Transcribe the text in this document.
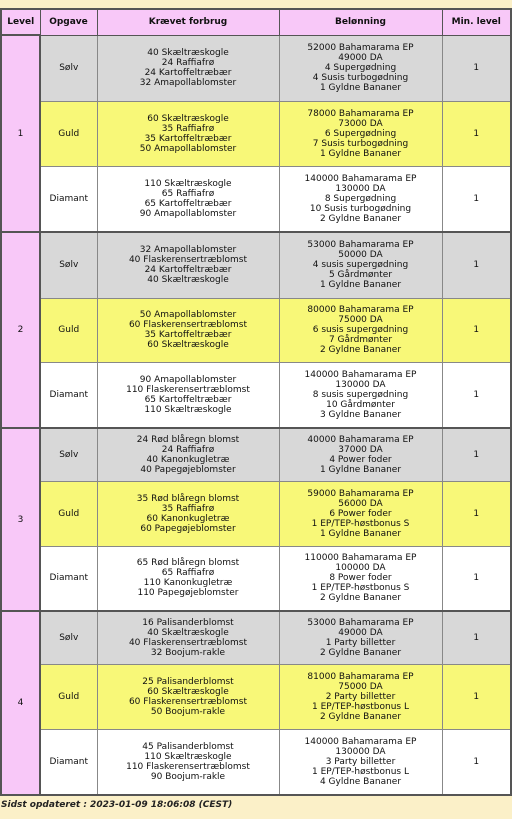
Level	Opgave	Krævet forbrug	Belønning	Min. level
1	Sølv	40 Skæltræskogle
24 Raffiafrø
24 Kartoffeltræbær
32 Amapollablomster	52000 Bahamarama EP
49000 DA
4 Supergødning
4 Susis turbogødning
1 Gyldne Bananer	1
	Guld	60 Skæltræskogle
35 Raffiafrø
35 Kartoffeltræbær
50 Amapollablomster	78000 Bahamarama EP
73000 DA
6 Supergødning
7 Susis turbogødning
1 Gyldne Bananer	1
	Diamant	110 Skæltræskogle
65 Raffiafrø
65 Kartoffeltræbær
90 Amapollablomster	140000 Bahamarama EP
130000 DA
8 Supergødning
10 Susis turbogødning
2 Gyldne Bananer	1
2	Sølv	32 Amapollablomster
40 Flaskerensertræblomst
24 Kartoffeltræbær
40 Skæltræskogle	53000 Bahamarama EP
50000 DA
4 susis supergødning
5 Gårdmønter
1 Gyldne Bananer	1
	Guld	50 Amapollablomster
60 Flaskerensertræblomst
35 Kartoffeltræbær
60 Skæltræskogle	80000 Bahamarama EP
75000 DA
6 susis supergødning
7 Gårdmønter
2 Gyldne Bananer	1
	Diamant	90 Amapollablomster
110 Flaskerensertræblomst
65 Kartoffeltræbær
110 Skæltræskogle	140000 Bahamarama EP
130000 DA
8 susis supergødning
10 Gårdmønter
3 Gyldne Bananer	1
3	Sølv	24 Rød blåregn blomst
24 Raffiafrø
40 Kanonkugletræ
40 Papegøjeblomster	40000 Bahamarama EP
37000 DA
4 Power foder
1 Gyldne Bananer	1
	Guld	35 Rød blåregn blomst
35 Raffiafrø
60 Kanonkugletræ
60 Papegøjeblomster	59000 Bahamarama EP
56000 DA
6 Power foder
1 EP/TEP-høstbonus S
1 Gyldne Bananer	1
	Diamant	65 Rød blåregn blomst
65 Raffiafrø
110 Kanonkugletræ
110 Papegøjeblomster	110000 Bahamarama EP
100000 DA
8 Power foder
1 EP/TEP-høstbonus S
2 Gyldne Bananer	1
4	Sølv	16 Palisanderblomst
40 Skæltræskogle
40 Flaskerensertræblomst
32 Boojum-rakle	53000 Bahamarama EP
49000 DA
1 Party billetter
2 Gyldne Bananer	1
	Guld	25 Palisanderblomst
60 Skæltræskogle
60 Flaskerensertræblomst
50 Boojum-rakle	81000 Bahamarama EP
75000 DA
2 Party billetter
1 EP/TEP-høstbonus L
2 Gyldne Bananer	1
	Diamant	45 Palisanderblomst
110 Skæltræskogle
110 Flaskerensertræblomst
90 Boojum-rakle	140000 Bahamarama EP
130000 DA
3 Party billetter
1 EP/TEP-høstbonus L
4 Gyldne Bananer	1
Sidst opdateret : 2023-01-09 18:06:08 (CEST)
